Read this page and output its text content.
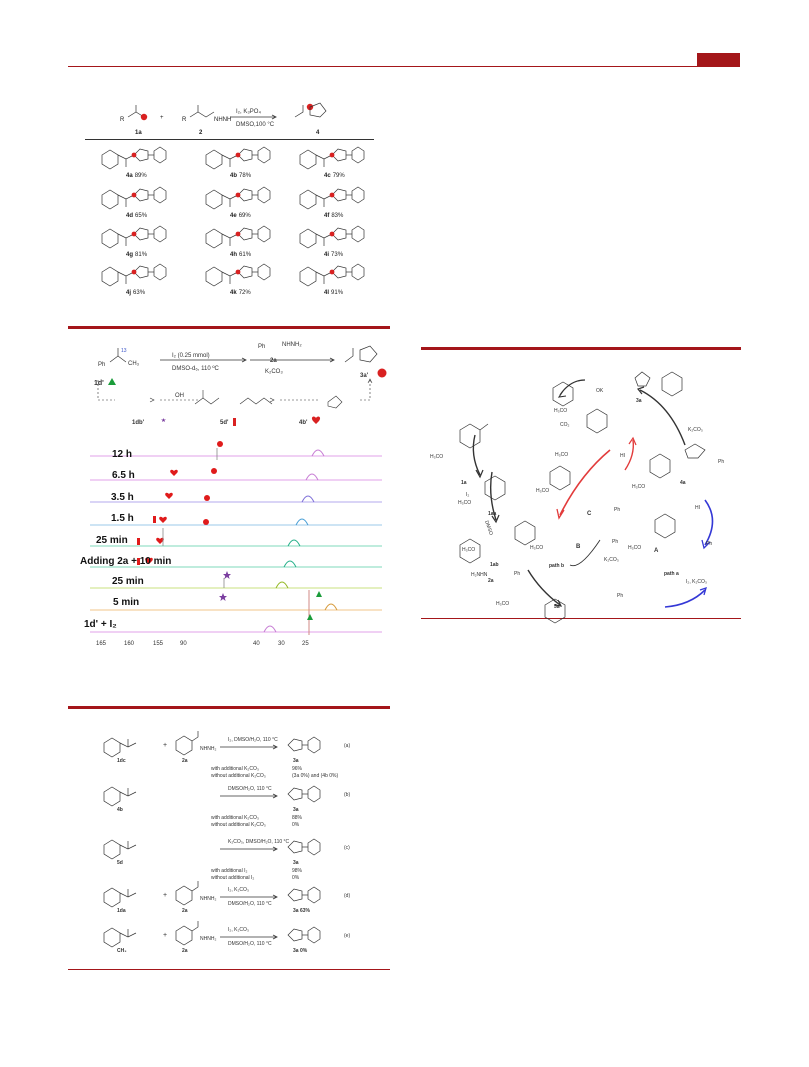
R	+	R	NHNH
I₂, K₃PO₄
DMSO,100 °C
1a	2	4
4a 89%	4b 78%	4c 79%
4d 65%	4e 69%	4f 83%
4g 81%	4h 61%	4i 73%
4j 63%	4k 72%	4l 91%
Ph	CH₃
13
I₂ (0.25 mmol)
DMSO-d₆, 110 ºC
NHNH₂
Ph
2a
K₂CO₃
3a'
1d'
1db'
OH
5d'	4b'
12 h
6.5 h
3.5 h
1.5 h
25 min
Adding 2a + 10 min
25 min
5 min
1d' + I₂
165	160	155	90	40	30	25
1a
1aa
1ab
2a
5a
A
B
C
4a
3a
I₂
HI
HI
K₂CO₃
K₂CO₃
CO₂
OK
DMSO
H₃CO
H₃CO
H₃CO	H₃CO
H₃CO
H₃CO
H₃CO
H₃CO
H₃CO
H₃CO
H₂NHN	path a
path b
I₂, K₂CO₃
Ph
Ph
Ph
Ph
Ph
Ph
1dc
+	NHNH₂
2a
I₂, DMSO/H₂O, 110 °C
3a
(a)
with additional K₂CO₃
without additional K₂CO₃
96%
(3a 0%) and (4b 0%)
4b
DMSO/H₂O, 110 °C
3a
(b)
with additional K₂CO₃
without additional K₂CO₃
88%
0%
5d
K₂CO₃, DMSO/H₂O, 110 °C
3a
(c)
with additional I₂
without additional I₂
98%
0%
1da
+	NHNH₂
2a
I₂, K₂CO₃
DMSO/H₂O, 110 °C
3a 63%
(d)
CH₃
+	NHNH₂
2a
I₂, K₂CO₃
DMSO/H₂O, 110 °C
3a 0%
(e)
